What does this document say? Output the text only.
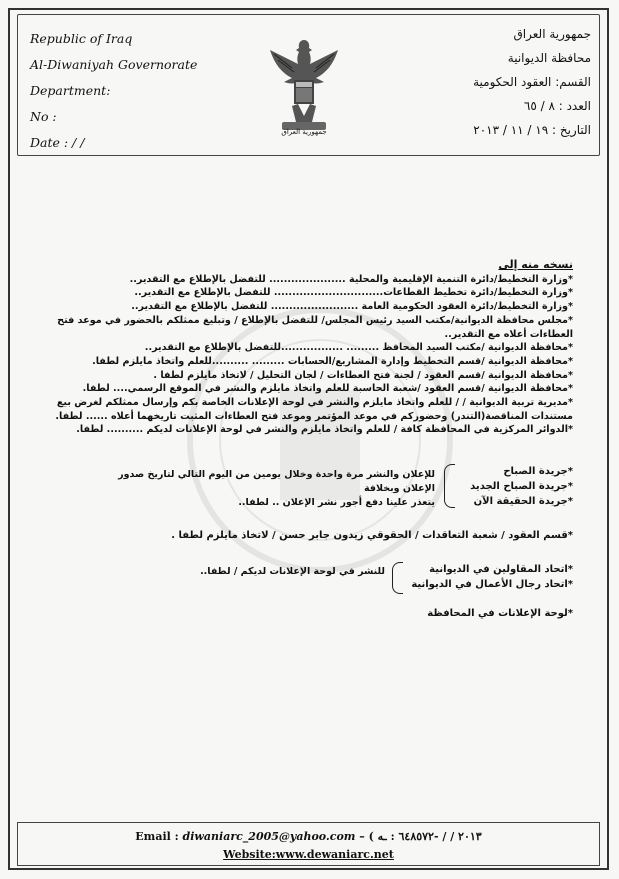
Republic of Iraq
Al-Diwaniyah Governorate
Department:
No :
Date : / /
جمهورية العراق
جمهورية العراق
محافظة الديوانية
القسم: العقود الحكومية
العدد : ٨ / ٦٥
التاريخ : ١٩ / ١١ / ٢٠١٣
نسخه منه إلى
*وزارة التخطيط/دائرة التنمية الإقليمية والمحلية ..................... للتفضل بالإطلاع مع التقدير..
*وزارة التخطيط/دائرة تخطيط القطاعات.............................. للتفضل بالإطلاع مع التقدير..
*وزارة التخطيط/دائرة العقود الحكومية العامة ........................ للتفضل بالإطلاع مع التقدير..
*مجلس محافظة الديوانية/مكتب السيد رئيس المجلس/ للتفضل بالإطلاع / وتبليغ ممثلكم بالحضور في موعد فتح العطاءات أعلاه مع التقدير..
*محافظة الديوانية /مكتب السيد المحافظ ......... .................للتفضل بالإطلاع مع التقدير..
*محافظة الديوانية /قسم التخطيط وإدارة المشاريع/الحسابات ......... ..........للعلم واتخاذ مايلزم لطفا.
*محافظة الديوانية /قسم العقود / لجنة فتح العطاءات / لجان التحليل / لاتخاذ مايلزم لطفا .
*محافظة الديوانية /قسم العقود /شعبة الحاسبة للعلم واتخاذ مايلزم والنشر في الموقع الرسمي.... لطفا.
*مديرية تربية الديوانية / / للعلم واتخاذ مايلزم والنشر في لوحة الإعلانات الخاصة بكم وإرسال ممثلكم لغرض بيع مستندات المناقصة(التندر) وحضوركم في موعد المؤتمر وموعد فتح العطاءات المثبت تاريخهما أعلاه ...... لطفا.
*الدوائر المركزية في المحافظة كافة / للعلم واتخاذ مايلزم والنشر في لوحة الإعلانات لديكم .......... لطفا.
*جريدة الصباح
*جريدة الصباح الجديد
*جريدة الحقيقة الآن
للإعلان والنشر مرة واحدة وخلال يومين من اليوم التالي لتاريخ صدور الإعلان وبخلافة
يتعذر علينا دفع أجور نشر الإعلان .. لطفا..
*قسم العقود / شعبة التعاقدات / الحقوقي زيدون جابر حسن / لاتخاذ مايلزم لطفا .
*اتحاد المقاولين في الديوانية
*اتحاد رجال الأعمال في الديوانية
للنشر في لوحة الإعلانات لديكم / لطفا..
*لوحة الإعلانات في المحافظة
Email : diwaniarc_2005@yahoo.com – ( ٢٠١٣ / / -٦٤٨٥٧٢ : ـه
Website:www.dewaniarc.net
